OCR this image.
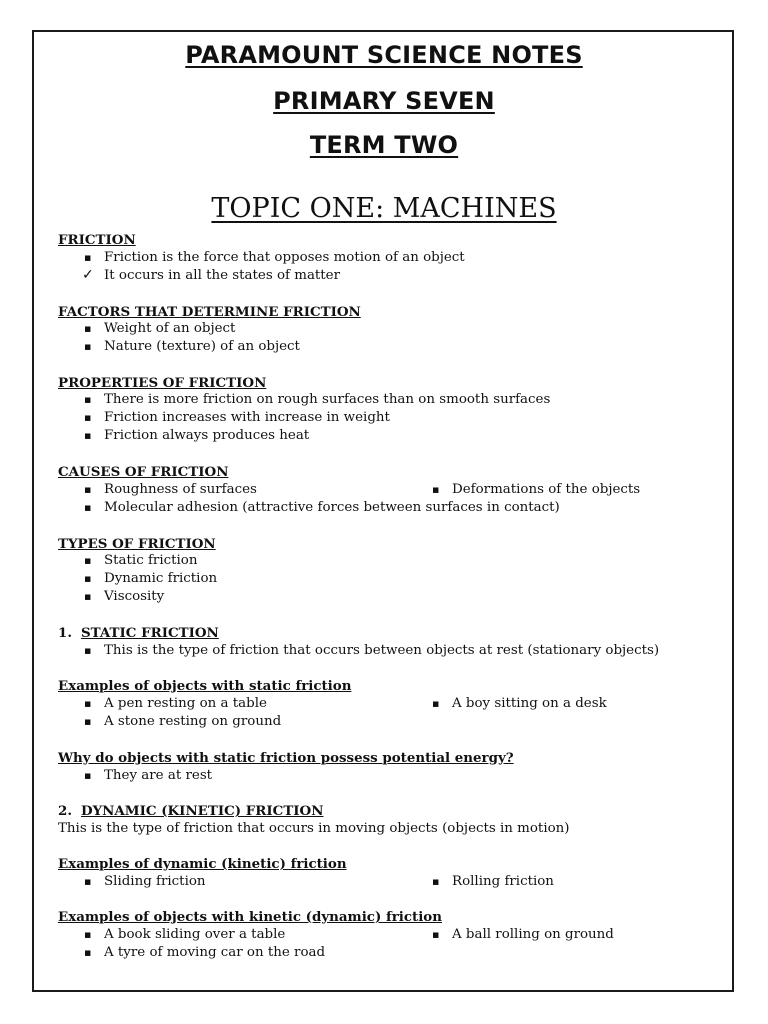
PARAMOUNT SCIENCE NOTES
PRIMARY SEVEN
TERM TWO
TOPIC ONE: MACHINES
FRICTION
▪ Friction is the force that opposes motion of an object
✓ It occurs in all the states of matter
FACTORS THAT DETERMINE FRICTION
▪ Weight of an object
▪ Nature (texture) of an object
PROPERTIES OF FRICTION
▪ There is more friction on rough surfaces than on smooth surfaces
▪ Friction increases with increase in weight
▪ Friction always produces heat
CAUSES OF FRICTION
▪ Roughness of surfaces	▪ Deformations of the objects
▪ Molecular adhesion (attractive forces between surfaces in contact)
TYPES OF FRICTION
▪ Static friction
▪ Dynamic friction
▪ Viscosity
1. STATIC FRICTION
▪ This is the type of friction that occurs between objects at rest (stationary objects)
Examples of objects with static friction
▪ A pen resting on a table	▪ A boy sitting on a desk
▪ A stone resting on ground
Why do objects with static friction possess potential energy?
▪ They are at rest
2. DYNAMIC (KINETIC) FRICTION
This is the type of friction that occurs in moving objects (objects in motion)
Examples of dynamic (kinetic) friction
▪ Sliding friction	▪ Rolling friction
Examples of objects with kinetic (dynamic) friction
▪ A book sliding over a table	▪ A ball rolling on ground
▪ A tyre of moving car on the road
